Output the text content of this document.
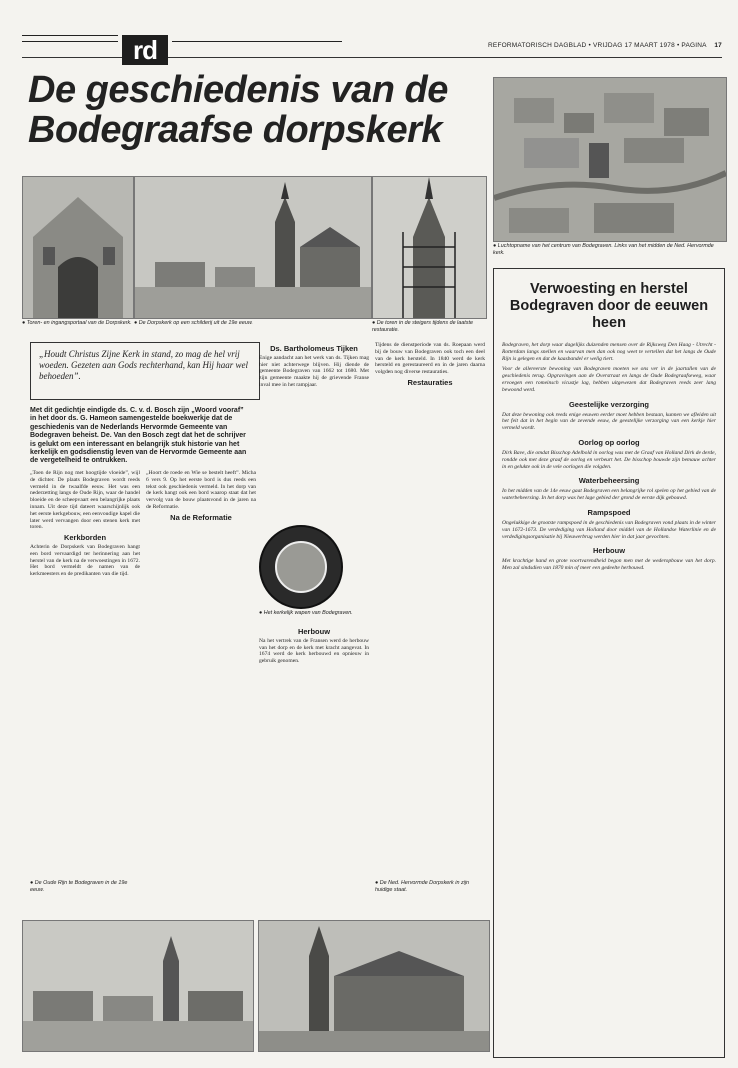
rd	REFORMATORISCH DAGBLAD • VRIJDAG 17 MAART 1978 • PAGINA 17
De geschiedenis van de Bodegraafse dorpskerk
● Luchtopname van het centrum van Bodegraven. Links van het midden de Ned. Hervormde kerk.
● Toren- en ingangsportaal van de Dorpskerk. ● De Dorpskerk op een schilderij uit de 19e eeuw.	● De toren in de steigers tijdens de laatste restauratie.
„Houdt Christus Zijne Kerk in stand, zo mag de hel vrij woeden. Gezeten aan Gods rechterhand, kan Hij haar wel behoeden”.
Met dit gedichtje eindigde ds. C. v. d. Bosch zijn „Woord vooraf” in het door ds. G. Hameon samengestelde boekwerkje dat de geschiedenis van de Nederlands Hervormde Gemeente van Bodegraven beheist. De. Van den Bosch zegt dat het de schrijver is gelukt om een interessant en belangrijk stuk historie van het kerkelijk en godsdienstig leven van de Hervormde Gemeente aan de vergetelheid te ontrukken.
„Toen de Rijn nog met hoogtijde vloeide”, wijl de dichter. De plaats Bodegraven wordt reeds vermeld in de twaalfde eeuw. Het was een nederzetting langs de Oude Rijn, waar de handel bloeide en de scheepvaart een belangrijke plaats innam. Uit deze tijd dateert waarschijnlijk ook het eerste kerkgebouw, een eenvoudige kapel die later werd vervangen door een stenen kerk met toren.
Kerkborden
Achterin de Dorpskerk van Bodegraven hangt een bord vervaardigd ter herinnering aan het herstel van de kerk na de verwoestingen in 1672. Het bord vermeldt de namen van de kerkmeesters en de predikanten van die tijd.
„Hoort de roede en Wie se bestelt heeft”. Micha 6 vers 9. Op het eerste bord is dus reeds een tekst ook geschiedenis vermeld. In het dorp van de kerk hangt ook een bord waarop staat dat het vervolg van de bouw plaatsvond in de jaren na de Reformatie.
Na de Reformatie
Ds. Bartholomeus Tijken
Enige aandacht aan het werk van ds. Tijken mag hier niet achterwege blijven. Hij diende de gemeente Bodegraven van 1662 tot 1680. Met zijn gemeente maakte hij de grievende Franse inval mee in het rampjaar.
● Het kerkelijk wapen van Bodegraven.
Herbouw
Na het vertrek van de Fransen werd de herbouw van het dorp en de kerk met kracht aangevat. In 1674 werd de kerk herbouwd en opnieuw in gebruik genomen.
Tijdens de dienstperiode van ds. Roepaan werd bij de bouw van Bodegraven ook toch een deel van de kerk hersteld. In 1840 werd de kerk hersteld en gerestaureerd en in de jaren daarna volgden nog diverse restauraties.
Restauraties
● De Oude Rijn te Bodegraven in de 19e eeuw.
● De Ned. Hervormde Dorpskerk in zijn huidige staat.
Verwoesting en herstel Bodegraven door de eeuwen heen

Bodegraven, het dorp waar dagelijks duizenden mensen over de Rijksweg Den Haag - Utrecht - Rotterdam langs snellen en waarvan men dan ook nog weet te vertellen dat het langs de Oude Rijn is gelegen en dat de kaasbandel er welig tiert.

Voor de allereerste bewoning van Bodegraven moeten we ons ver in de jaartallen van de geschiedenis terug. Opgravingen aan de Overstraat en langs de Oude Bodegraafseweg, waar ervoegen een romeinsch vicustje lag, hebben uitgewezen dat Bodegraven reeds zeer lang bewoond werd.

Geestelijke verzorging

Dat deze bewoning ook reeds enige eeuwen eerder moet hebben bestaan, kunnen we afleiden uit het feit dat in het begin van de zevende eeuw, de geestelijke verzorging van een kerkje hier vermeld wordt.

Oorlog op oorlog

Dirk Bave, die omdat Bisschop Adelbold in oorlog was met de Graaf van Holland Dirk de derde, rondde ook met deze graaf de oorlog en verbeurt het. De bisschop bouwde zijn bemauw achter in en gelukte ook in de vele oorlogen die volgden.

Waterbeheersing

In het midden van de 14e eeuw gaat Bodegraven een belangrijke rol spelen op het gebied van de waterbeheersing. In het dorp was het lage gebied der grond de eerste dijk gebouwd.

Rampspoed

Ongelukkige de grootste rampspoed in de geschiedenis van Bodegraven vond plaats in de winter van 1672-1673. De verdediging van Holland door middel van de Hollandse Waterlinie en de verdedigingsorganisatie bij Nieuwerbrug werden hier in dat jaar gevochten.

Herbouw

Met krachtige hand en grote voortvarendheid begon men met de wederopbouw van het dorp. Men zal sindsdien van 1870 min of meer een gedeelte herbouwd.
